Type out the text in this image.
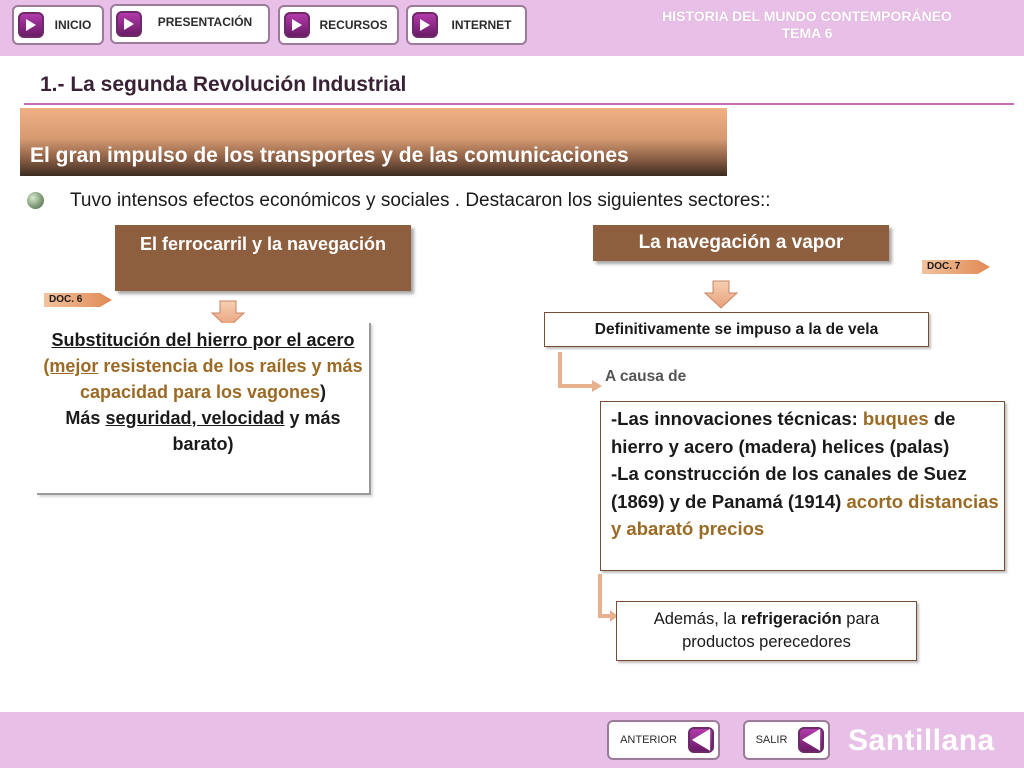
INICIO	PRESENTACIÓN	RECURSOS	INTERNET
HISTORIA DEL MUNDO CONTEMPORÁNEO
TEMA 6
1.- La segunda Revolución Industrial
El gran impulso de los transportes y de las comunicaciones
Tuvo intensos efectos económicos y sociales . Destacaron los siguientes sectores::
El ferrocarril y la navegación
DOC. 6
Substitución del hierro por el acero (mejor resistencia de los raíles y más capacidad para los vagones)
Más seguridad, velocidad y más barato)
La navegación a vapor
DOC. 7
Definitivamente se impuso a la de vela
A causa de
-Las innovaciones técnicas: buques de hierro y acero (madera) helices (palas)
-La construcción de los canales de Suez (1869) y de Panamá (1914) acorto distancias y abarató precios
Además, la refrigeración para productos perecedores
ANTERIOR	SALIR	Santillana
